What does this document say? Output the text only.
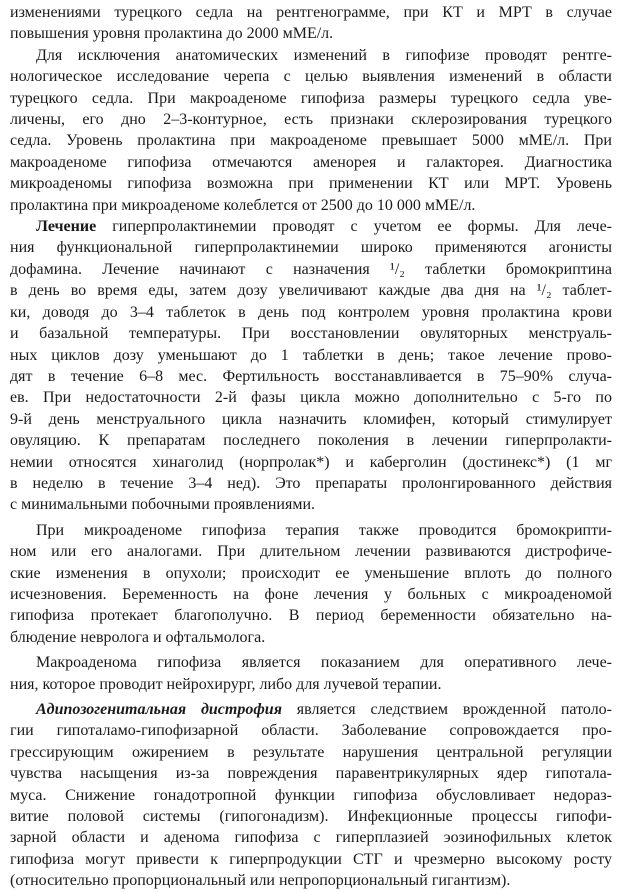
изменениями турецкого седла на рентгенограмме, при КТ и МРТ в случае
повышения уровня пролактина до 2000 мМЕ/л.
Для исключения анатомических изменений в гипофизе проводят рентге-
нологическое исследование черепа с целью выявления изменений в области
турецкого седла. При макроаденоме гипофиза размеры турецкого седла уве-
личены, его дно 2–3-контурное, есть признаки склерозирования турецкого
седла. Уровень пролактина при макроаденоме превышает 5000 мМЕ/л. При
макроаденоме гипофиза отмечаются аменорея и галакторея. Диагностика
микроаденомы гипофиза возможна при применении КТ или МРТ. Уровень
пролактина при микроаденоме колеблется от 2500 до 10 000 мМЕ/л.
Лечение гиперпролактинемии проводят с учетом ее формы. Для лече-
ния функциональной гиперпролактинемии широко применяются агонисты
дофамина. Лечение начинают с назначения ¹/₂ таблетки бромокриптина
в день во время еды, затем дозу увеличивают каждые два дня на ¹/₂ таблет-
ки, доводя до 3–4 таблеток в день под контролем уровня пролактина крови
и базальной температуры. При восстановлении овуляторных менструаль-
ных циклов дозу уменьшают до 1 таблетки в день; такое лечение прово-
дят в течение 6–8 мес. Фертильность восстанавливается в 75–90% случа-
ев. При недостаточности 2-й фазы цикла можно дополнительно с 5-го по
9-й день менструального цикла назначить кломифен, который стимулирует
овуляцию. К препаратам последнего поколения в лечении гиперпролакти-
немии относятся хинаголид (норпролак*) и каберголин (достинекс*) (1 мг
в неделю в течение 3–4 нед). Это препараты пролонгированного действия
с минимальными побочными проявлениями.
При микроаденоме гипофиза терапия также проводится бромокрипти-
ном или его аналогами. При длительном лечении развиваются дистрофиче-
ские изменения в опухоли; происходит ее уменьшение вплоть до полного
исчезновения. Беременность на фоне лечения у больных с микроаденомой
гипофиза протекает благополучно. В период беременности обязательно на-
блюдение невролога и офтальмолога.
Макроаденома гипофиза является показанием для оперативного лече-
ния, которое проводит нейрохирург, либо для лучевой терапии.
Адипозогенитальная дистрофия является следствием врожденной патоло-
гии гипоталамо-гипофизарной области. Заболевание сопровождается про-
грессирующим ожирением в результате нарушения центральной регуляции
чувства насыщения из-за повреждения паравентрикулярных ядер гипотала-
муса. Снижение гонадотропной функции гипофиза обусловливает недораз-
витие половой системы (гипогонадизм). Инфекционные процессы гипофи-
зарной области и аденома гипофиза с гиперплазией эозинофильных клеток
гипофиза могут привести к гиперпродукции СТГ и чрезмерно высокому росту
(относительно пропорциональный или непропорциональный гигантизм).
